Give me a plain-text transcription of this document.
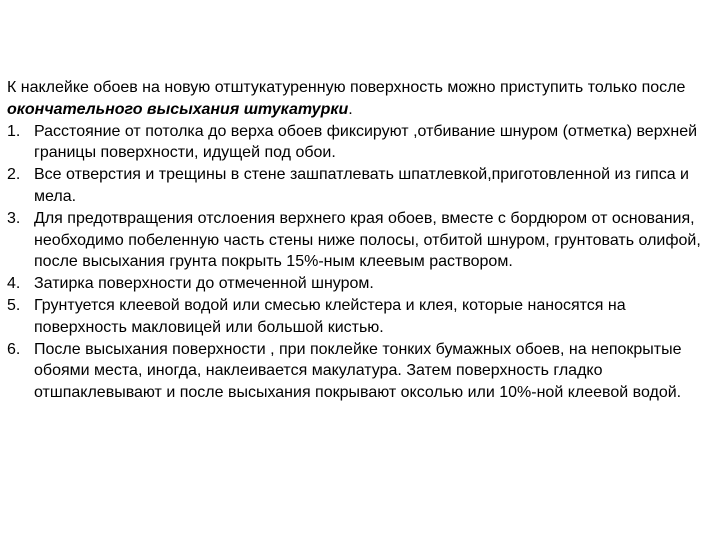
К наклейке обоев на новую отштукатуренную поверхность можно приступить только после окончательного высыхания штукатурки.

1. Расстояние от потолка до верха обоев фиксируют ,отбивание шнуром (отметка) верхней границы поверхности, идущей под обои.
2. Все отверстия и трещины в стене зашпатлевать шпатлевкой,приготовленной из гипса и мела.
3. Для предотвращения отслоения верхнего края обоев, вместе с бордюром от основания, необходимо побеленную часть стены ниже полосы, отбитой шнуром, грунтовать олифой, после высыхания грунта покрыть 15%-ным клеевым раствором.
4. Затирка поверхности до отмеченной шнуром.
5. Грунтуется клеевой водой или смесью клейстера и клея, которые наносятся на поверхность макловицей или большой кистью.
6. После высыхания поверхности , при поклейке тонких бумажных обоев, на непокрытые обоями места, иногда, наклеивается макулатура. Затем поверхность гладко отшпаклевывают и после высыхания покрывают оксолью или 10%-ной клеевой водой.
